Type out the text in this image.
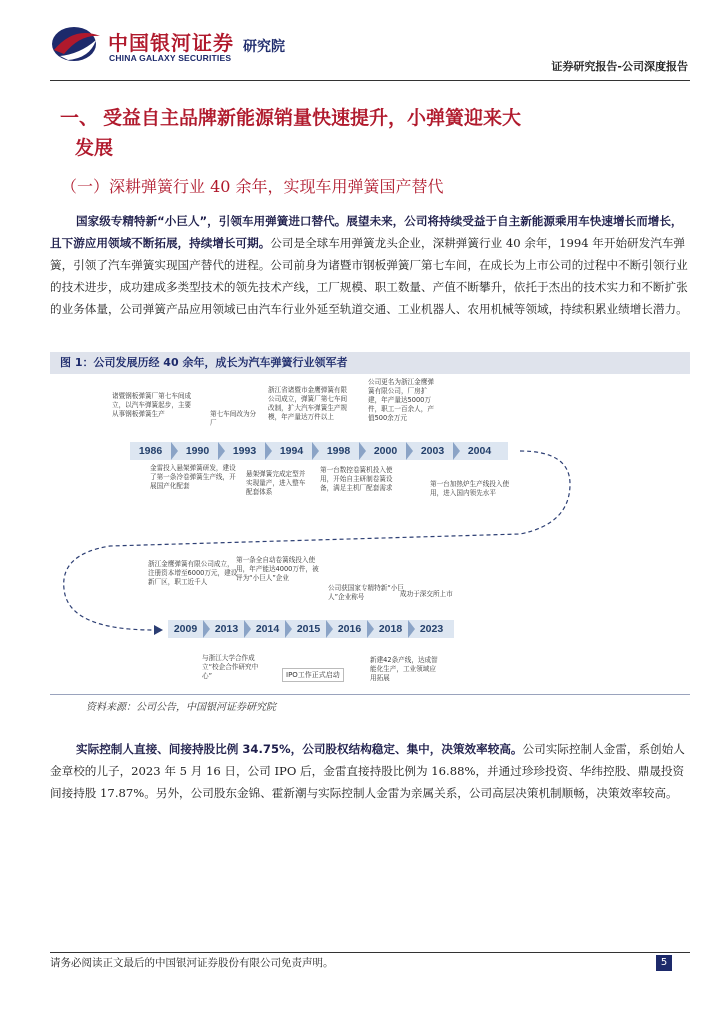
中国银河证券
CHINA GALAXY SECURITIES
研究院
证券研究报告-公司深度报告
一、 受益自主品牌新能源销量快速提升，小弹簧迎来大
发展
（一）深耕弹簧行业 40 余年，实现车用弹簧国产替代
国家级专精特新“小巨人”，引领车用弹簧进口替代。展望未来，公司将持续受益于自主新能源乘用车快速增长而增长，且下游应用领域不断拓展，持续增长可期。公司是全球车用弹簧龙头企业，深耕弹簧行业 40 余年，1994 年开始研发汽车弹簧，引领了汽车弹簧实现国产替代的进程。公司前身为诸暨市钢板弹簧厂第七车间，在成长为上市公司的过程中不断引领行业的技术进步，成功建成多类型技术的领先技术产线，工厂规模、职工数量、产值不断攀升，依托于杰出的技术实力和不断扩张的业务体量，公司弹簧产品应用领域已由汽车行业外延至轨道交通、工业机器人、农用机械等领域，持续积累业绩增长潜力。
图 1：公司发展历经 40 余年，成长为汽车弹簧行业领军者
1986	1990	1993	1994	1998	2000	2003	2004
2009	2013	2014	2015	2016	2018	2023
诸暨钢板弹簧厂第七车间成立，以汽车弹簧起步，主要从事钢板弹簧生产	第七车间改为分厂
浙江省诸暨市金鹰弹簧有限公司成立，弹簧厂第七车间改制，扩大汽车弹簧生产规模，年产量达万件以上
公司更名为浙江金鹰弹簧有限公司，厂房扩建，年产量达5000万件，职工一百余人，产值500余万元
金雷投入悬架弹簧研发，建设了第一条冷卷弹簧生产线，开展国产化配套
悬架弹簧完成定型并实现量产，进入整车配套体系
第一台数控卷簧机投入使用，开始自主研制卷簧设备，满足主机厂配套需求	第一台加热炉生产线投入使用，进入国内领先水平
浙江金鹰弹簧有限公司成立，注册资本增至6000万元，建设新厂区，职工近千人
第一条全自动卷簧线投入使用，年产能达4000万件，被评为“小巨人”企业
公司获国家专精特新“小巨人”企业称号	成功于深交所上市
与浙江大学合作成立“校企合作研究中心”	IPO工作正式启动
新建42条产线，达成智能化生产，工业领域应用拓展
资料来源：公司公告，中国银河证券研究院
实际控制人直接、间接持股比例 34.75%，公司股权结构稳定、集中，决策效率较高。公司实际控制人金雷，系创始人金章校的儿子，2023 年 5 月 16 日，公司 IPO 后，金雷直接持股比例为 16.88%，并通过珍珍投资、华纬控股、鼎晟投资间接持股 17.87%。另外，公司股东金锦、霍新潮与实际控制人金雷为亲属关系，公司高层决策机制顺畅，决策效率较高。
请务必阅读正文最后的中国银河证券股份有限公司免责声明。	5
